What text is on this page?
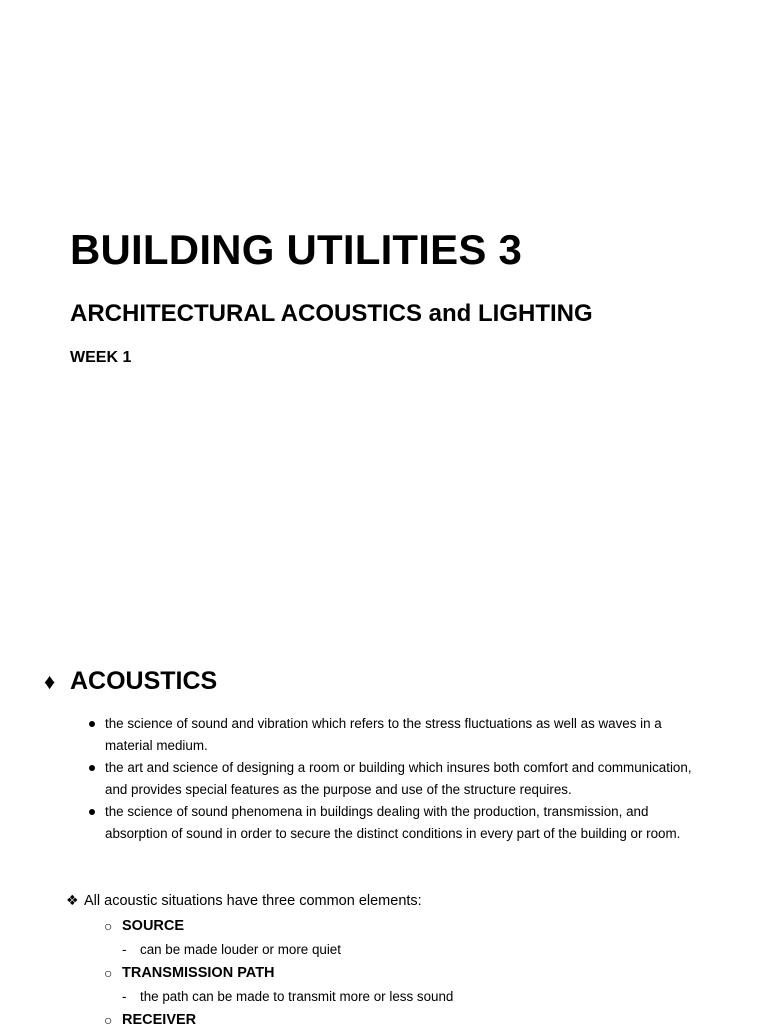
BUILDING UTILITIES 3
ARCHITECTURAL ACOUSTICS and LIGHTING
WEEK 1
♦ ACOUSTICS
the science of sound and vibration which refers to the stress fluctuations as well as waves in a material medium.
the art and science of designing a room or building which insures both comfort and communication, and provides special features as the purpose and use of the structure requires.
the science of sound phenomena in buildings dealing with the production, transmission, and absorption of sound in order to secure the distinct conditions in every part of the building or room.

❖ All acoustic situations have three common elements:

○ SOURCE
-	can be made louder or more quiet
○ TRANSMISSION PATH
-	the path can be made to transmit more or less sound
○ RECEIVER
